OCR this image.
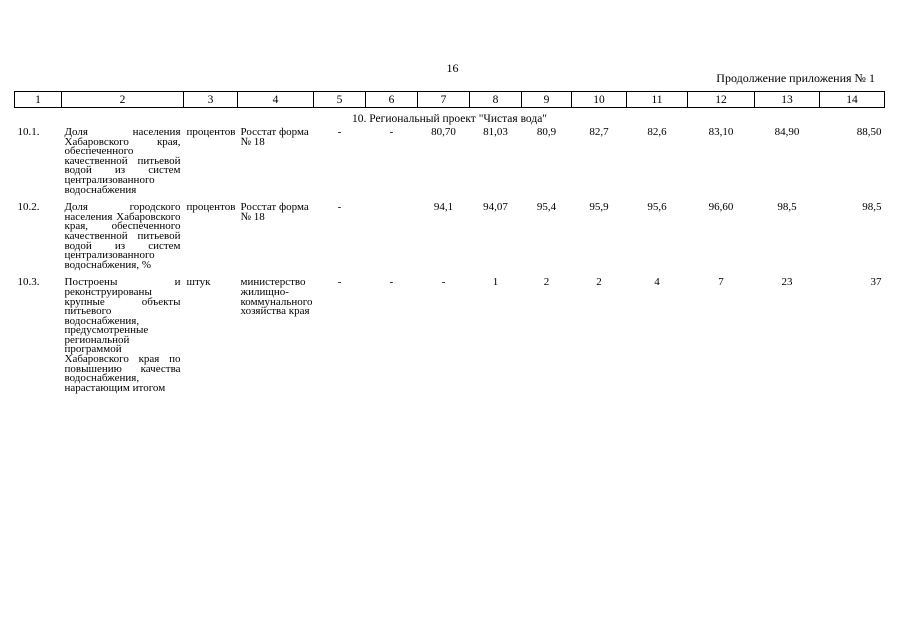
16
Продолжение приложения № 1
1	2	3	4	5	6	7	8	9	10	11	12	13	14
10. Региональный проект "Чистая вода"													
10.1.	Доля населения Хабаровского края, обеспеченного качественной питьевой водой из систем централизованного водоснабжения	процентов	Росстат форма № 18	-	-	80,70	81,03	80,9	82,7	82,6	83,10	84,90	88,50

10.2.	Доля городского населения Хабаровского края, обеспеченного качественной питьевой водой из систем централизованного водоснабжения, %	процентов	Росстат форма № 18	-		94,1	94,07	95,4	95,9	95,6	96,60	98,5	98,5

10.3.	Построены и реконструированы крупные объекты питьевого водоснабжения, предусмотренные региональной программой Хабаровского края по повышению качества водоснабжения, нарастающим итогом	штук	министерство жилищно-коммунального хозяйства края	-	-	-	1	2	2	4	7	23	37
